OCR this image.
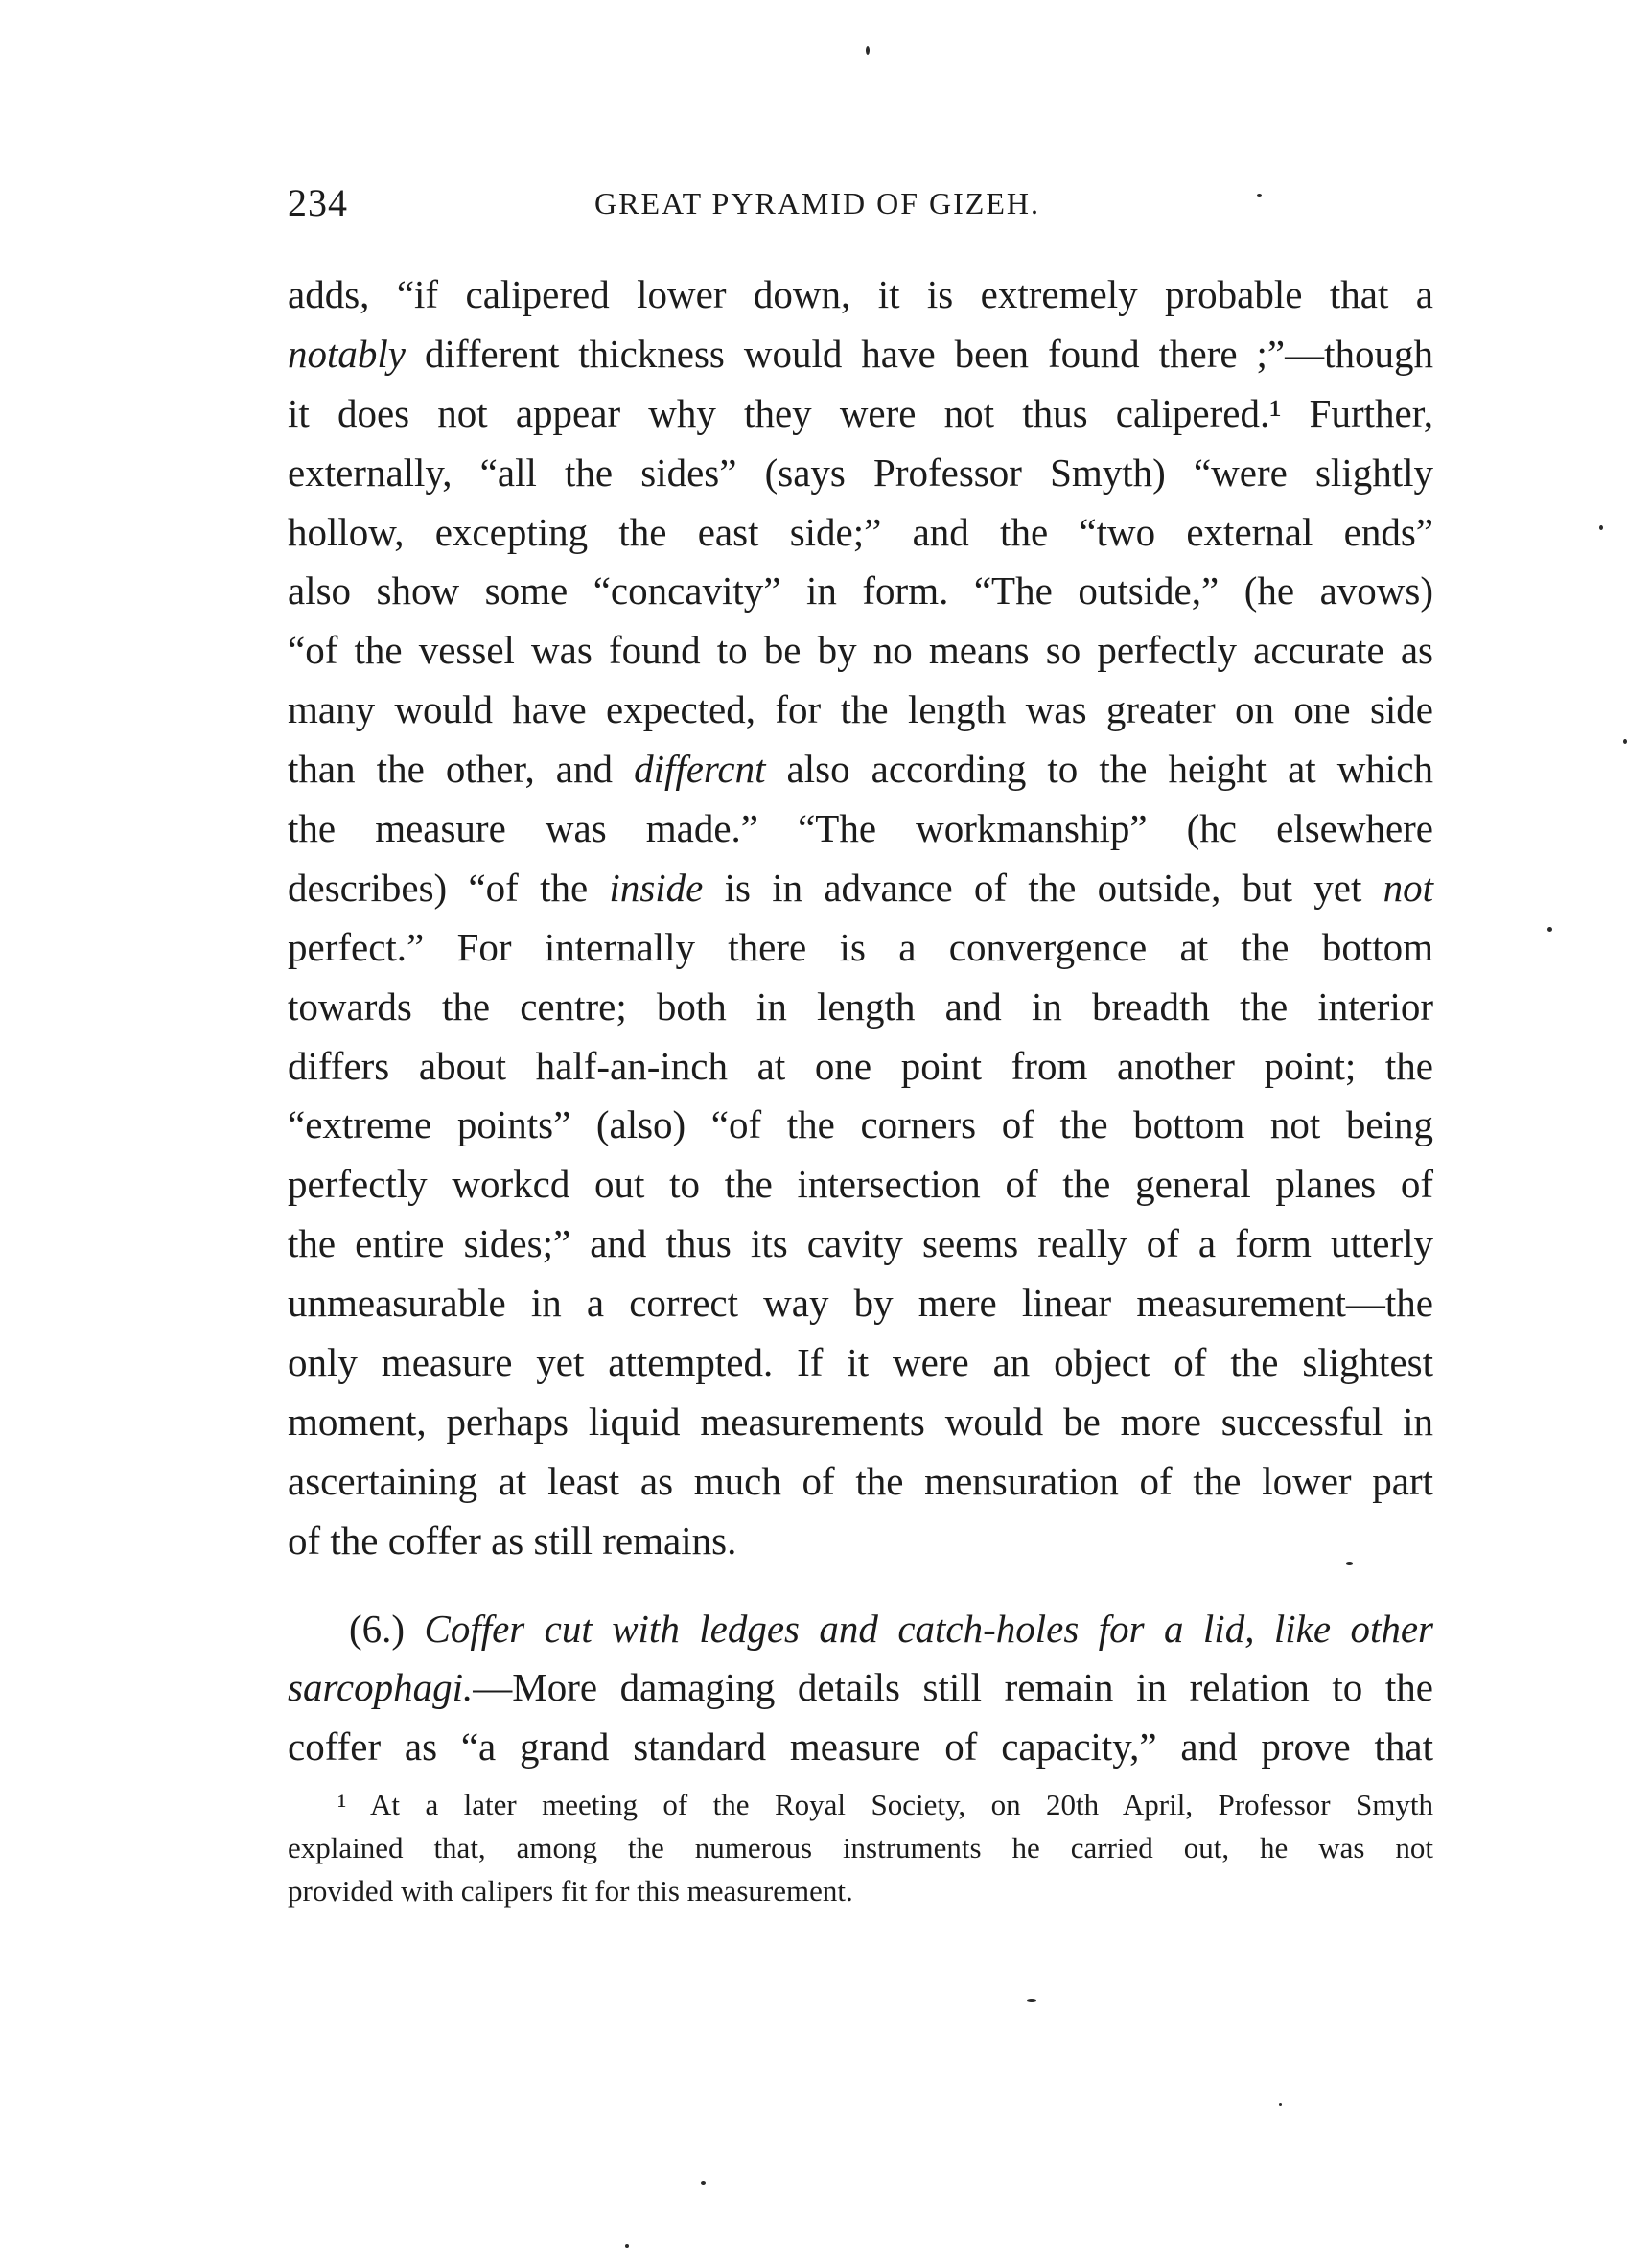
234	GREAT PYRAMID OF GIZEH.
adds, “if calipered lower down, it is extremely probable that a
notably different thickness would have been found there ;”—though
it does not appear why they were not thus calipered.¹ Further,
externally, “all the sides” (says Professor Smyth) “were slightly
hollow, excepting the east side;” and the “two external ends”
also show some “concavity” in form. “The outside,” (he avows)
“of the vessel was found to be by no means so perfectly accurate as
many would have expected, for the length was greater on one side
than the other, and differcnt also according to the height at which
the measure was made.” “The workmanship” (hc elsewhere
describes) “of the inside is in advance of the outside, but yet not
perfect.” For internally there is a convergence at the bottom
towards the centre; both in length and in breadth the interior
differs about half-an-inch at one point from another point; the
“extreme points” (also) “of the corners of the bottom not being
perfectly workcd out to the intersection of the general planes of
the entire sides;” and thus its cavity seems really of a form utterly
unmeasurable in a correct way by mere linear measurement—the
only measure yet attempted. If it were an object of the slightest
moment, perhaps liquid measurements would be more successful in
ascertaining at least as much of the mensuration of the lower part
of the coffer as still remains.
(6.) Coffer cut with ledges and catch-holes for a lid, like other
sarcophagi.—More damaging details still remain in relation to the
coffer as “a grand standard measure of capacity,” and prove that
¹ At a later meeting of the Royal Society, on 20th April, Professor Smyth
explained that, among the numerous instruments he carried out, he was not
provided with calipers fit for this measurement.
